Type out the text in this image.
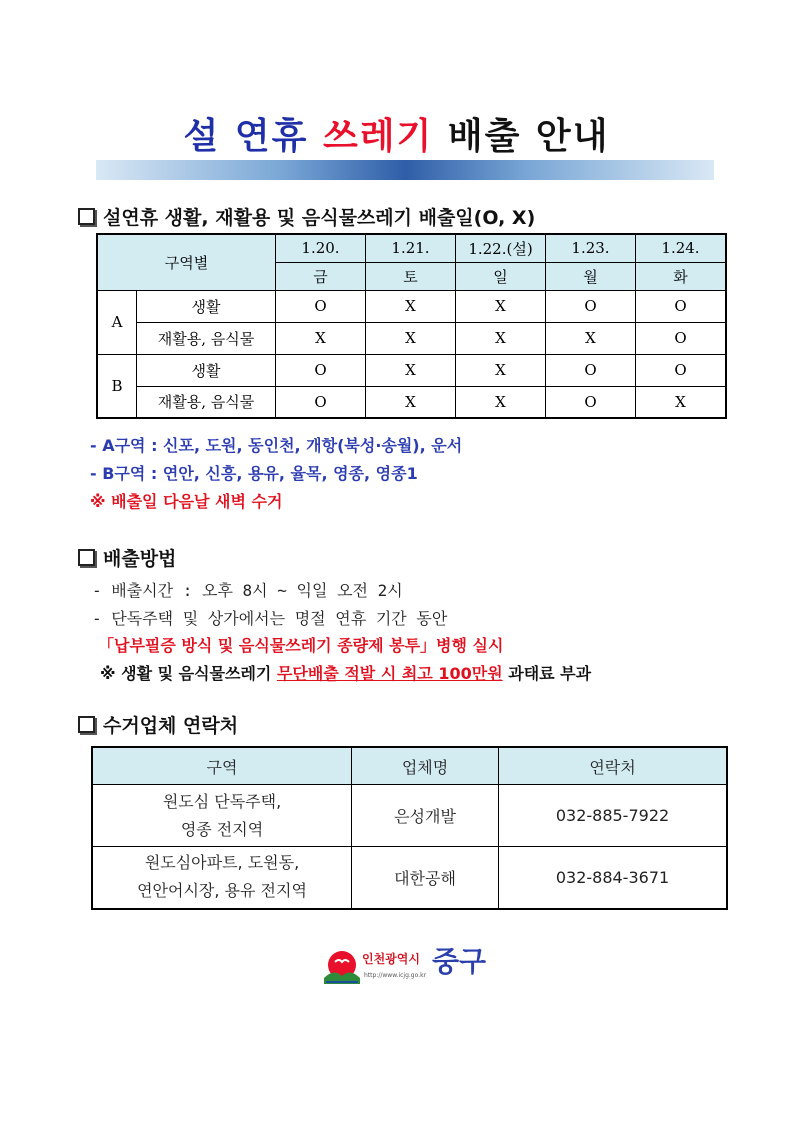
설 연휴 쓰레기 배출 안내
설연휴 생활, 재활용 및 음식물쓰레기 배출일(O, X)
구역별		1.20.	1.21.	1.22.(설)	1.23.	1.24.
		금	토	일	월	화
A	생활	O	X	X	O	O
	재활용, 음식물	X	X	X	X	O
B	생활	O	X	X	O	O
	재활용, 음식물	O	X	X	O	X
- A구역 : 신포, 도원, 동인천, 개항(북성·송월), 운서
- B구역 : 연안, 신흥, 용유, 율목, 영종, 영종1
※ 배출일 다음날 새벽 수거
배출방법
- 배출시간 : 오후 8시 ~ 익일 오전 2시
- 단독주택 및 상가에서는 명절 연휴 기간 동안
「납부필증 방식 및 음식물쓰레기 종량제 봉투」병행 실시
※ 생활 및 음식물쓰레기 무단배출 적발 시 최고 100만원 과태료 부과
수거업체 연락처
구역	업체명	연락처

원도심 단독주택,
영종 전지역	은성개발	032-885-7922

원도심아파트, 도원동,
연안어시장, 용유 전지역	대한공해	032-884-3671
인천광역시 중구
http://www.icjg.go.kr
